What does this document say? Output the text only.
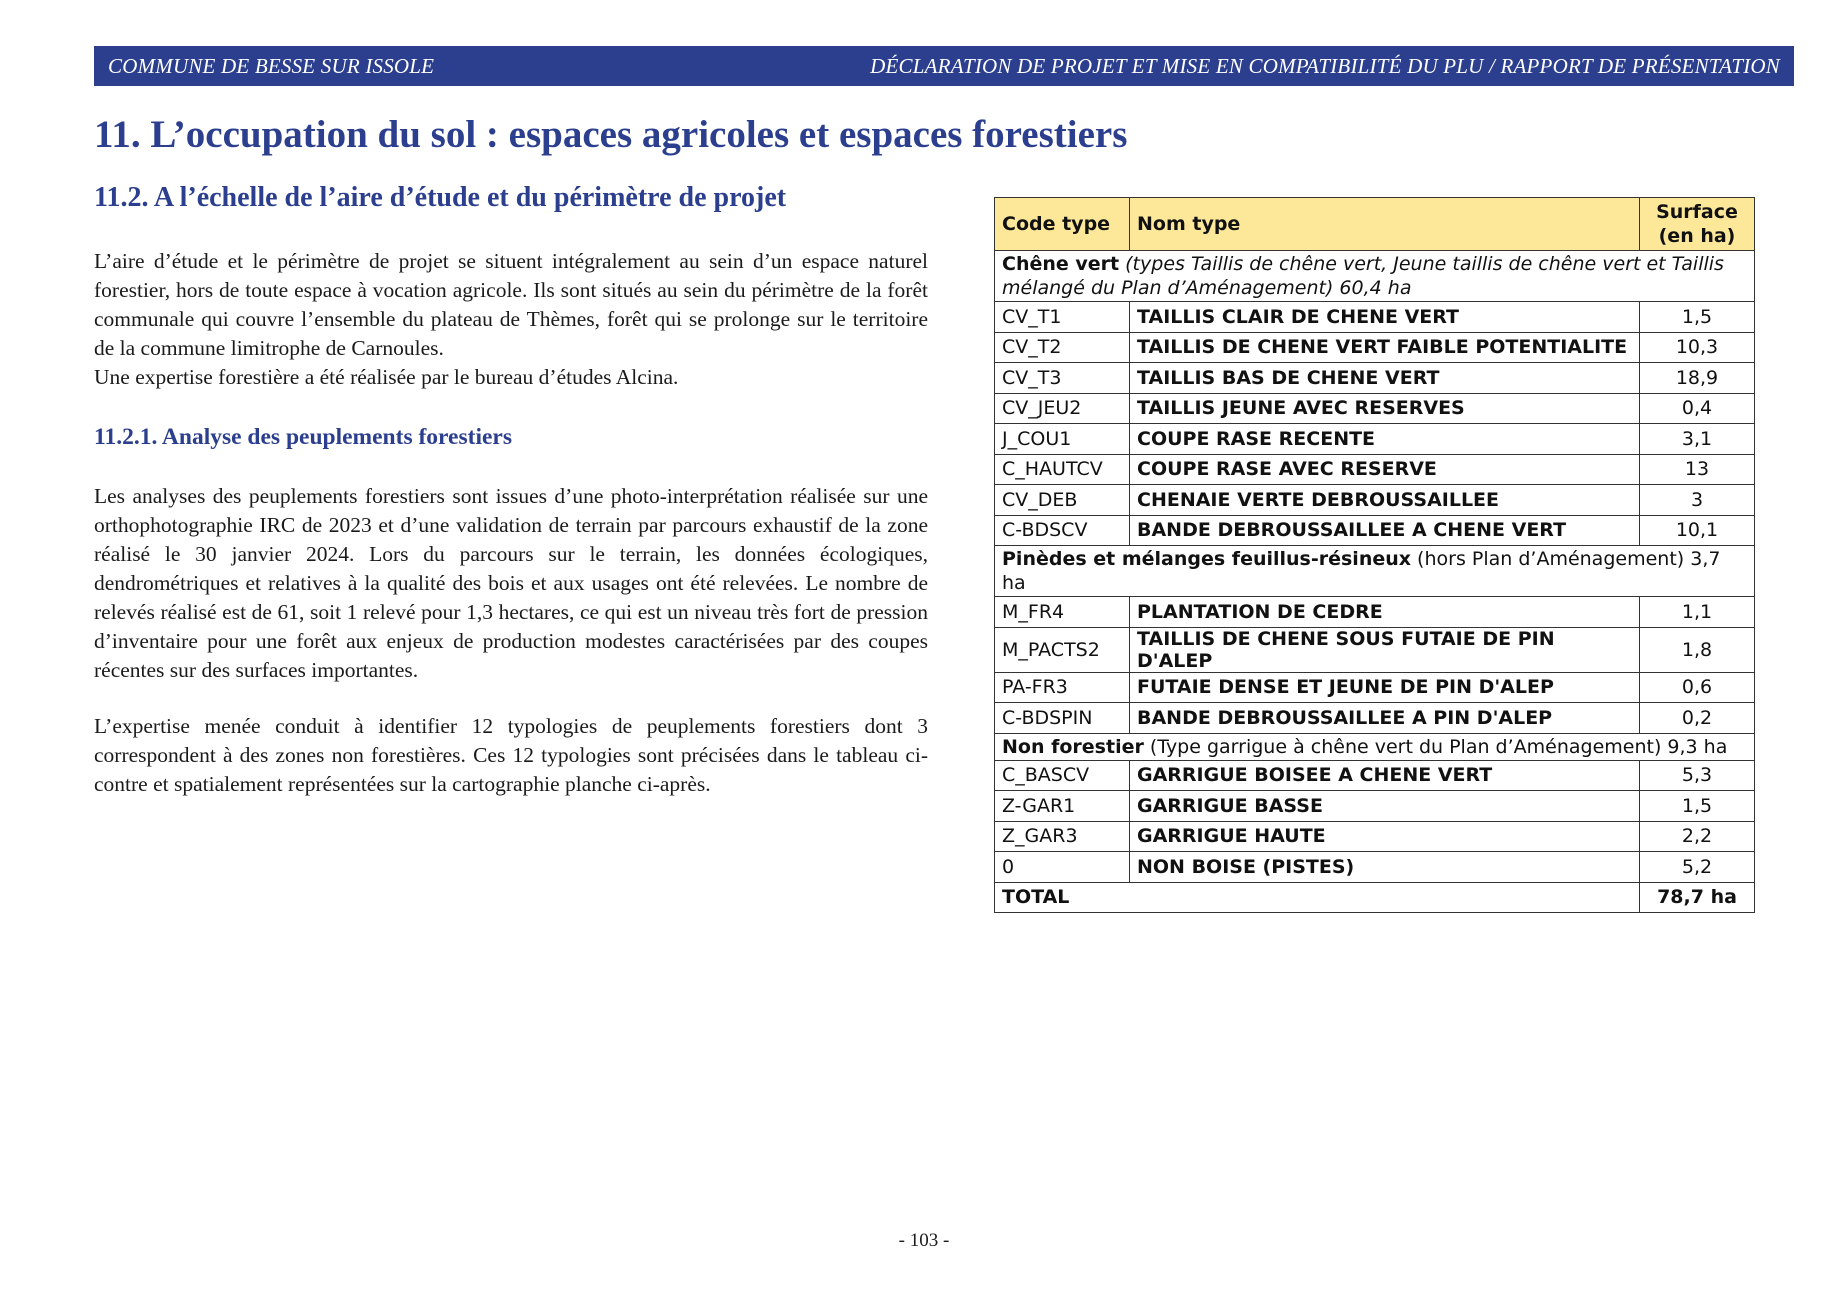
COMMUNE DE BESSE SUR ISSOLE	DÉCLARATION DE PROJET ET MISE EN COMPATIBILITÉ DU PLU / RAPPORT DE PRÉSENTATION
11. L’occupation du sol : espaces agricoles et espaces forestiers
11.2. A l’échelle de l’aire d’étude et du périmètre de projet

L’aire d’étude et le périmètre de projet se situent intégralement au sein d’un espace naturel forestier, hors de toute espace à vocation agricole. Ils sont situés au sein du périmètre de la forêt communale qui couvre l’ensemble du plateau de Thèmes, forêt qui se prolonge sur le territoire de la commune limitrophe de Carnoules.
Une expertise forestière a été réalisée par le bureau d’études Alcina.

11.2.1. Analyse des peuplements forestiers

Les analyses des peuplements forestiers sont issues d’une photo-interprétation réalisée sur une orthophotographie IRC de 2023 et d’une validation de terrain par parcours exhaustif de la zone réalisé le 30 janvier 2024. Lors du parcours sur le terrain, les données écologiques, dendrométriques et relatives à la qualité des bois et aux usages ont été relevées. Le nombre de relevés réalisé est de 61, soit 1 relevé pour 1,3 hectares, ce qui est un niveau très fort de pression d’inventaire pour une forêt aux enjeux de production modestes caractérisées par des coupes récentes sur des surfaces importantes.

L’expertise menée conduit à identifier 12 typologies de peuplements forestiers dont 3 correspondent à des zones non forestières. Ces 12 typologies sont précisées dans le tableau ci-contre et spatialement représentées sur la cartographie planche ci-après.

Code type	Nom type	Surface
(en ha)
Chêne vert (types Taillis de chêne vert, Jeune taillis de chêne vert et Taillis mélangé du Plan d’Aménagement) 60,4 ha		
CV_T1	TAILLIS CLAIR DE CHENE VERT	1,5
CV_T2	TAILLIS DE CHENE VERT FAIBLE POTENTIALITE	10,3
CV_T3	TAILLIS BAS DE CHENE VERT	18,9
CV_JEU2	TAILLIS JEUNE AVEC RESERVES	0,4
J_COU1	COUPE RASE RECENTE	3,1
C_HAUTCV	COUPE RASE AVEC RESERVE	13
CV_DEB	CHENAIE VERTE DEBROUSSAILLEE	3
C-BDSCV	BANDE DEBROUSSAILLEE A CHENE VERT	10,1
Pinèdes et mélanges feuillus-résineux (hors Plan d’Aménagement) 3,7 ha		
M_FR4	PLANTATION DE CEDRE	1,1
M_PACTS2	TAILLIS DE CHENE SOUS FUTAIE DE PIN D'ALEP	1,8
PA-FR3	FUTAIE DENSE ET JEUNE DE PIN D'ALEP	0,6
C-BDSPIN	BANDE DEBROUSSAILLEE A PIN D'ALEP	0,2
Non forestier (Type garrigue à chêne vert du Plan d’Aménagement) 9,3 ha		
C_BASCV	GARRIGUE BOISEE A CHENE VERT	5,3
Z-GAR1	GARRIGUE BASSE	1,5
Z_GAR3	GARRIGUE HAUTE	2,2
0	NON BOISE (PISTES)	5,2
TOTAL		78,7 ha
- 103 -
